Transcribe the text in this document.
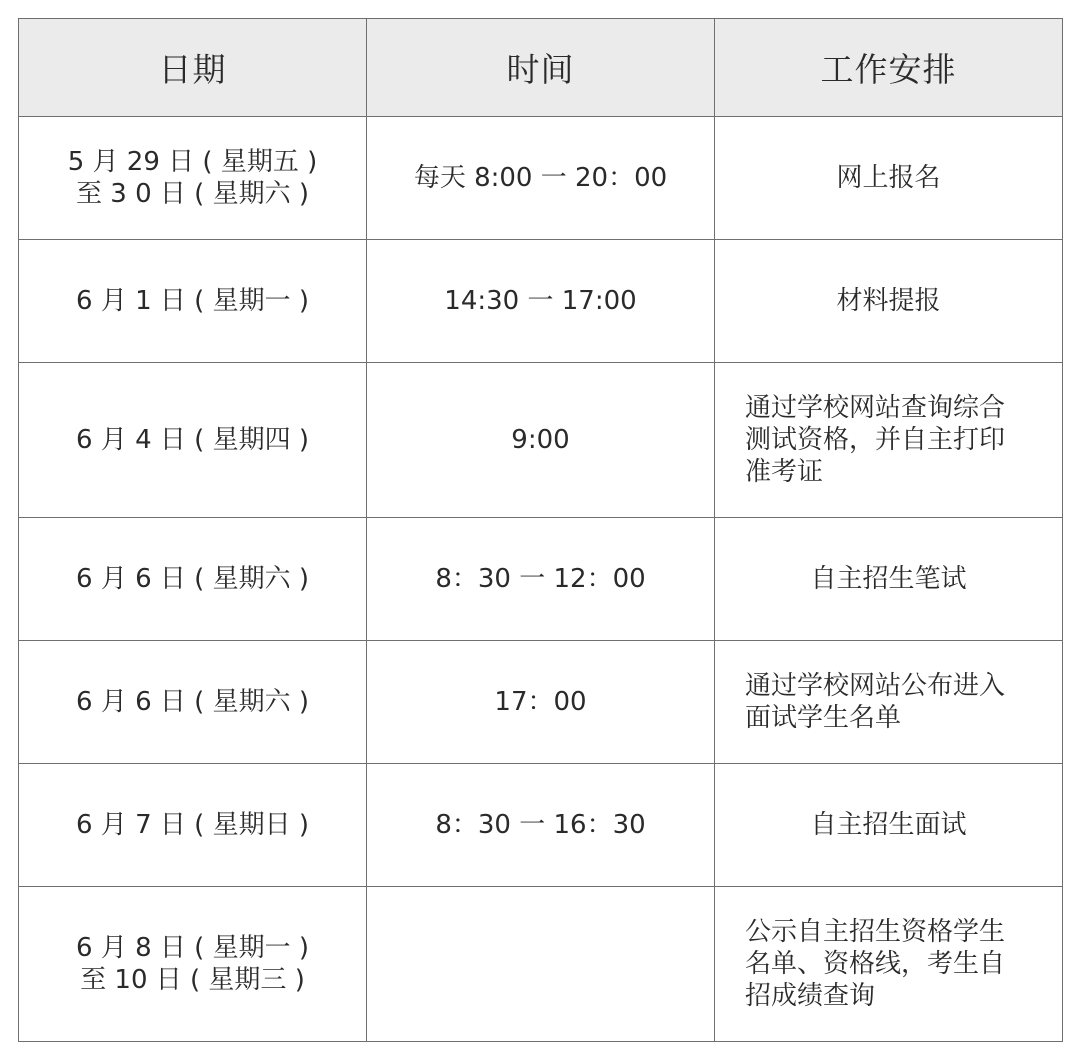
日期	时间	工作安排

5 月 29 日 ( 星期五 )
至 3 0 日 ( 星期六 )	每天 8:00 一 20：00	网上报名

6 月 1 日 ( 星期一 )	14:30 一 17:00	材料提报

6 月 4 日 ( 星期四 )	9:00	通过学校网站查询综合
测试资格，并自主打印
准考证

6 月 6 日 ( 星期六 )	8：30 一 12：00	自主招生笔试

6 月 6 日 ( 星期六 )	17：00	通过学校网站公布进入
面试学生名单

6 月 7 日 ( 星期日 )	8：30 一 16：30	自主招生面试

6 月 8 日 ( 星期一 )
至 10 日 ( 星期三 )		公示自主招生资格学生
名单、资格线，考生自
招成绩查询
